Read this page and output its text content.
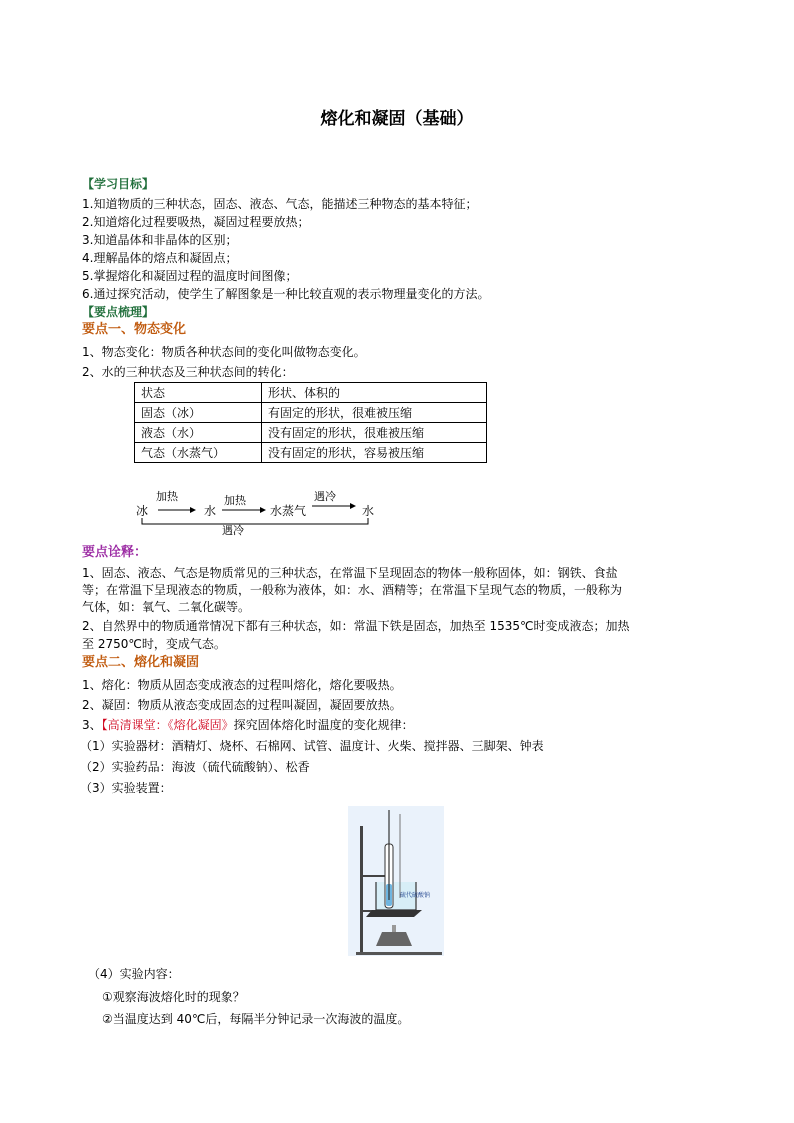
熔化和凝固（基础）
【学习目标】
1.知道物质的三种状态，固态、液态、气态，能描述三种物态的基本特征；
2.知道熔化过程要吸热，凝固过程要放热；
3.知道晶体和非晶体的区别；
4.理解晶体的熔点和凝固点；
5.掌握熔化和凝固过程的温度时间图像；
6.通过探究活动，使学生了解图象是一种比较直观的表示物理量变化的方法。
【要点梳理】
要点一、物态变化
1、物态变化：物质各种状态间的变化叫做物态变化。
2、水的三种状态及三种状态间的转化：
状态	形状、体积的
固态（冰）	有固定的形状，很难被压缩
液态（水）	没有固定的形状，很难被压缩
气态（水蒸气）	没有固定的形状，容易被压缩
冰	水	水蒸气	水
加热	加热	遇冷
遇冷
要点诠释：
1、固态、液态、气态是物质常见的三种状态，在常温下呈现固态的物体一般称固体，如：钢铁、食盐
等；在常温下呈现液态的物质，一般称为液体，如：水、酒精等；在常温下呈现气态的物质，一般称为
气体，如：氧气、二氧化碳等。
2、自然界中的物质通常情况下都有三种状态，如：常温下铁是固态，加热至 1535℃时变成液态；加热
至 2750℃时，变成气态。
要点二、熔化和凝固
1、熔化：物质从固态变成液态的过程叫熔化，熔化要吸热。
2、凝固：物质从液态变成固态的过程叫凝固，凝固要放热。
3、【高清课堂：《熔化凝固》探究固体熔化时温度的变化规律：
（1）实验器材：酒精灯、烧杯、石棉网、试管、温度计、火柴、搅拌器、三脚架、钟表
（2）实验药品：海波（硫代硫酸钠）、松香
（3）实验装置：
硫代硫酸钠
（4）实验内容：
①观察海波熔化时的现象？
②当温度达到 40℃后，每隔半分钟记录一次海波的温度。
